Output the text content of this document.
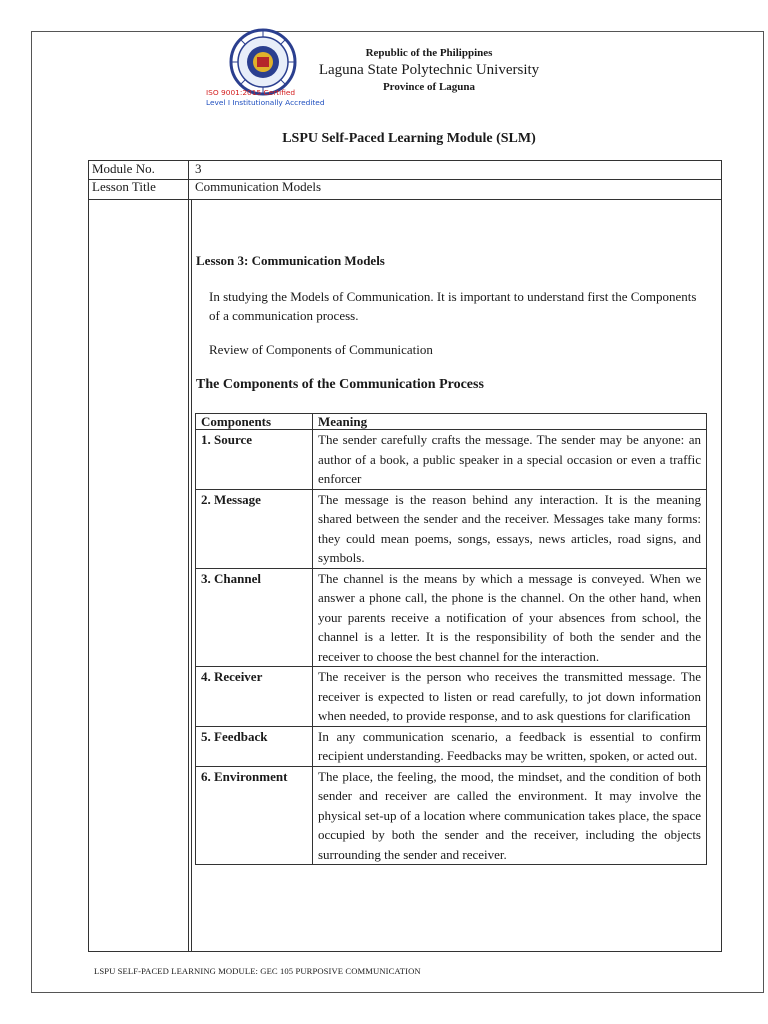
ISO 9001:2015 Certified
Level I Institutionally Accredited
Republic of the Philippines
Laguna State Polytechnic University
Province of Laguna
LSPU Self-Paced Learning Module (SLM)
Module No.	3
Lesson Title	Communication Models
Lesson 3: Communication Models
In studying the Models of Communication. It is important to understand first the Components of a communication process.
Review of Components of Communication
The Components of the Communication Process
Components	Meaning
1. Source	The sender carefully crafts the message. The sender may be anyone: an author of a book, a public speaker in a special occasion or even a traffic enforcer
2. Message	The message is the reason behind any interaction. It is the meaning shared between the sender and the receiver. Messages take many forms: they could mean poems, songs, essays, news articles, road signs, and symbols.
3. Channel	The channel is the means by which a message is conveyed. When we answer a phone call, the phone is the channel. On the other hand, when your parents receive a notification of your absences from school, the channel is a letter. It is the responsibility of both the sender and the receiver to choose the best channel for the interaction.
4. Receiver	The receiver is the person who receives the transmitted message. The receiver is expected to listen or read carefully, to jot down information when needed, to provide response, and to ask questions for clarification
5. Feedback	In any communication scenario, a feedback is essential to confirm recipient understanding. Feedbacks may be written, spoken, or acted out.
6. Environment	The place, the feeling, the mood, the mindset, and the condition of both sender and receiver are called the environment. It may involve the physical set-up of a location where communication takes place, the space occupied by both the sender and the receiver, including the objects surrounding the sender and receiver.
LSPU SELF-PACED LEARNING MODULE: GEC 105 PURPOSIVE COMMUNICATION
